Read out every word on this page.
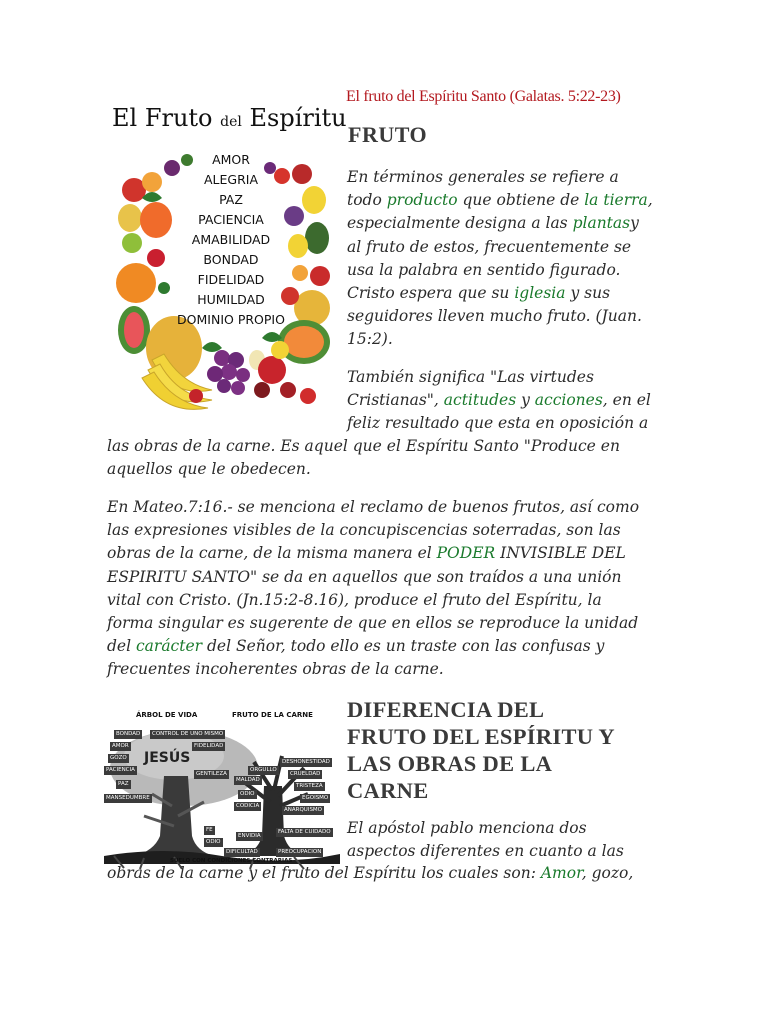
El Fruto del Espíritu
AMOR
ALEGRIA
PAZ
PACIENCIA
AMABILIDAD
BONDAD
FIDELIDAD
HUMILDAD
DOMINIO PROPIO
El fruto del Espíritu Santo (Galatas. 5:22-23)
FRUTO
En términos generales se refiere a
todo producto que obtiene de la tierra,
especialmente designa a las plantasy
al fruto de estos, frecuentemente se
usa la palabra en sentido figurado.
Cristo espera que su iglesia y sus
seguidores lleven mucho fruto. (Juan.
15:2).
También significa "Las virtudes
Cristianas", actitudes y acciones, en el
feliz resultado que esta en oposición a
las obras de la carne. Es aquel que el Espíritu Santo "Produce en
aquellos que le obedecen.
En Mateo.7:16.- se menciona el reclamo de buenos frutos, así como
las expresiones visibles de la concupiscencias soterradas, son las
obras de la carne, de la misma manera el PODER INVISIBLE DEL
ESPIRITU SANTO" se da en aquellos que son traídos a una unión
vital con Cristo. (Jn.15:2-8.16), produce el fruto del Espíritu, la
forma singular es sugerente de que en ellos se reproduce la unidad
del carácter del Señor, todo ello es un traste con las confusas y
frecuentes incoherentes obras de la carne.
ÁRBOL DE VIDA	FRUTO DE LA CARNE
JESÚS
CONTROL DE UNO MISMO
BONDAD
AMOR
GOZO
PACIENCIA
PAZ
MANSEDUMBRE
FIDELIDAD
GENTILEZA
FE
DESHONESTIDAD
ORGULLO
CRUELDAD
MALDAD
TRISTEZA
ODIO
EGOISMO
CODICIA
ANARQUISMO
ENVIDIA
FALTA DE CUIDADO
DIFICULTAD	PREOCUPACION
ODIO
SUELO CON CONDICIONES CONTRARIAS
DIFERENCIA DEL
FRUTO DEL ESPÍRITU Y
LAS OBRAS DE LA
CARNE
El apóstol pablo menciona dos
aspectos diferentes en cuanto a las
obras de la carne y el fruto del Espíritu los cuales son: Amor, gozo,
